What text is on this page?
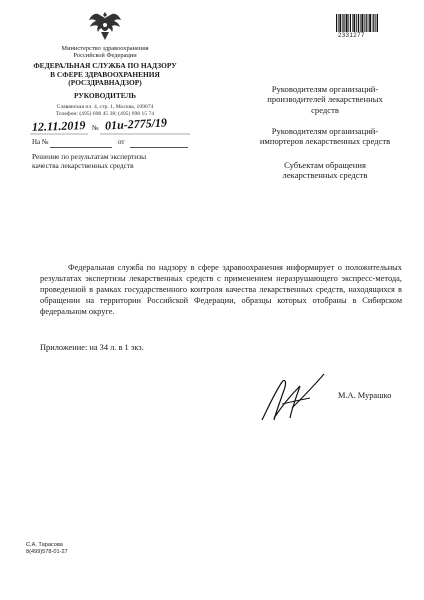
Министерство здравоохранения
Российской Федерации
ФЕДЕРАЛЬНАЯ СЛУЖБА ПО НАДЗОРУ
В СФЕРЕ ЗДРАВООХРАНЕНИЯ
(РОСЗДРАВНАДЗОР)
РУКОВОДИТЕЛЬ
Славянская пл. 4, стр. 1, Москва, 109074
Телефон: (495) 698 45 38; (495) 698 15 74
12.11.2019 № 01и-2775/19
На №	от
Решение по результатам экспертизы
качества лекарственных средств
2331277
Руководителям организаций-
производителей лекарственных
средств
Руководителям организаций-
импортеров лекарственных средств
Субъектам обращения
лекарственных средств
Федеральная служба по надзору в сфере здравоохранения информирует о положительных результатах экспертизы лекарственных средств с применением неразрушающего экспресс-метода, проведенной в рамках государственного контроля качества лекарственных средств, находящихся в обращении на территории Российской Федерации, образцы которых отобраны в Сибирском федеральном округе.
Приложение: на 34 л. в 1 экз.
М.А. Мурашко
С.А. Тарасова
8(499)578-01-27
